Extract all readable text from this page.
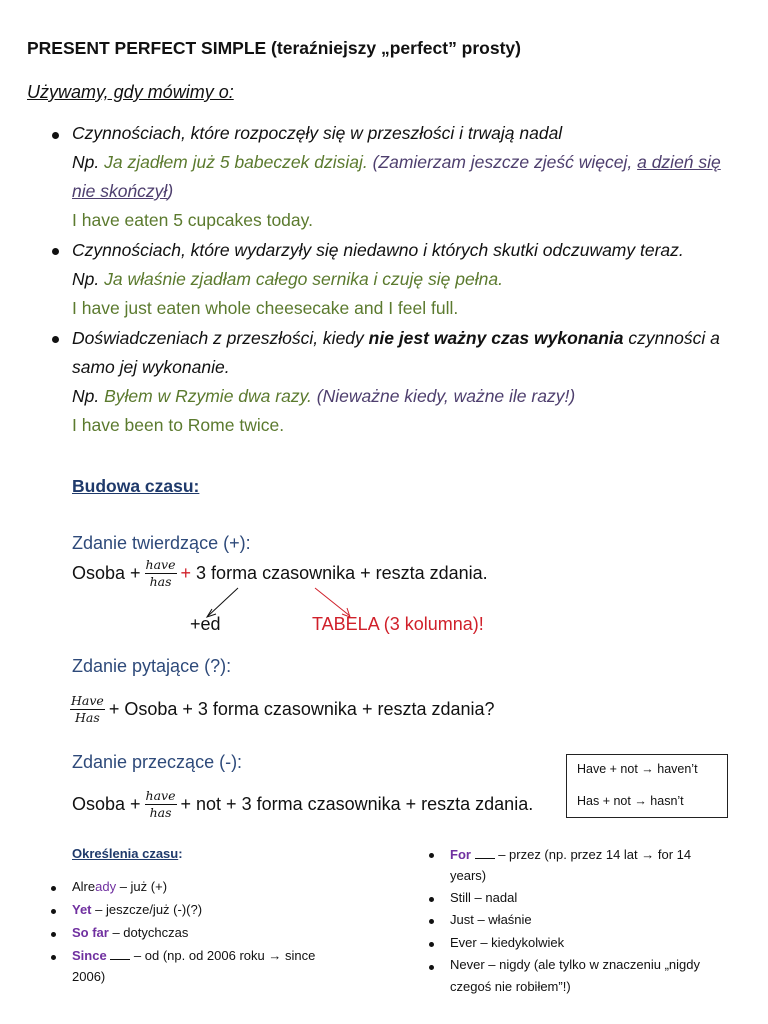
PRESENT PERFECT SIMPLE (teraźniejszy „perfect” prosty)
Używamy, gdy mówimy o:
Czynnościach, które rozpoczęły się w przeszłości i trwają nadal
Np. Ja zjadłem już 5 babeczek dzisiaj. (Zamierzam jeszcze zjeść więcej, a dzień się
nie skończył)
I have eaten 5 cupcakes today.
Czynnościach, które wydarzyły się niedawno i których skutki odczuwamy teraz.
Np. Ja właśnie zjadłam całego sernika i czuję się pełna.
I have just eaten whole cheesecake and I feel full.
Doświadczeniach z przeszłości, kiedy nie jest ważny czas wykonania czynności a
samo jej wykonanie.
Np. Byłem w Rzymie dwa razy. (Nieważne kiedy, ważne ile razy!)
I have been to Rome twice.
Budowa czasu:
Zdanie twierdzące (+):
Osoba + $\frac{\text{have}}{\text{has}}$ +
3 forma czasownika + reszta zdania.
+ed	TABELA (3 kolumna)!
Zdanie pytające (?):
$\frac{\text{Have}}{\text{Has}}$ + Osoba + 3 forma czasownika + reszta zdania?
Zdanie przeczące (-):
Osoba + $\frac{\text{have}}{\text{has}}$ + not + 3 forma czasownika + reszta zdania.
Have + not → haven’t
Has + not → hasn’t
Określenia czasu:
Already – już (+)
Yet – jeszcze/już (-)(?)
So far – dotychczas
Since  – od (np. od 2006 roku → since
2006)
For  – przez (np. przez 14 lat → for 14
years)
Still – nadal
Just – właśnie
Ever – kiedykolwiek
Never – nigdy (ale tylko w znaczeniu „nigdy
czegoś nie robiłem”!)
